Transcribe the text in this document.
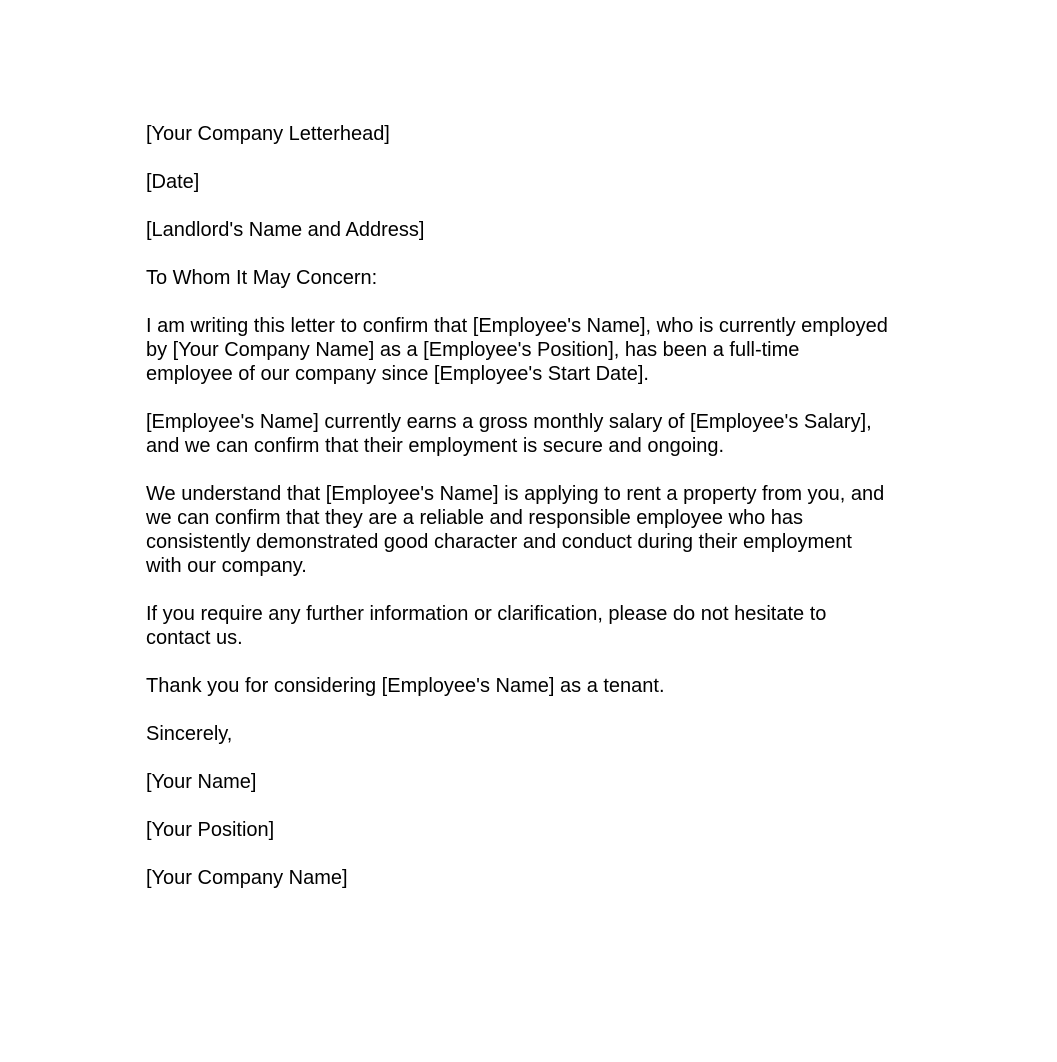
[Your Company Letterhead]

[Date]

[Landlord's Name and Address]

To Whom It May Concern:

I am writing this letter to confirm that [Employee's Name], who is currently employed by [Your Company Name] as a [Employee's Position], has been a full-time employee of our company since [Employee's Start Date].

[Employee's Name] currently earns a gross monthly salary of [Employee's Salary], and we can confirm that their employment is secure and ongoing.

We understand that [Employee's Name] is applying to rent a property from you, and we can confirm that they are a reliable and responsible employee who has consistently demonstrated good character and conduct during their employment with our company.

If you require any further information or clarification, please do not hesitate to contact us.

Thank you for considering [Employee's Name] as a tenant.

Sincerely,

[Your Name]

[Your Position]

[Your Company Name]
